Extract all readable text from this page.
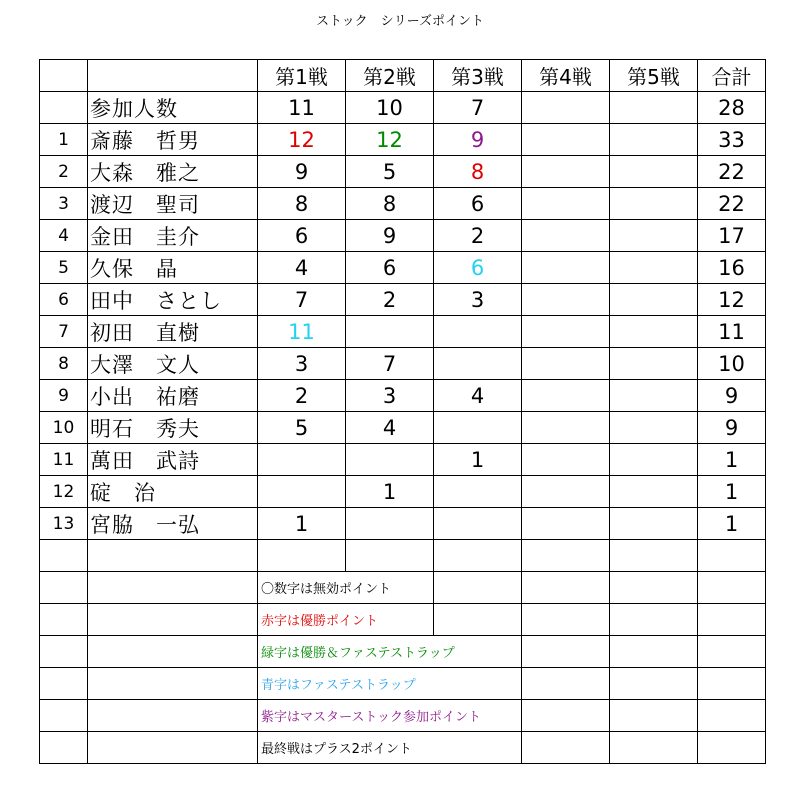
ストック　シリーズポイント
		第1戦	第2戦	第3戦	第4戦	第5戦	合計
	参加人数	11	10	7			28
1	斎藤　哲男	12	12	9			33
2	大森　雅之	9	5	8			22
3	渡辺　聖司	8	8	6			22
4	金田　圭介	6	9	2			17
5	久保　晶	4	6	6			16
6	田中　さとし	7	2	3			12
7	初田　直樹	11					11
8	大澤　文人	3	7				10
9	小出　祐磨	2	3	4			9
10	明石　秀夫	5	4				9
11	萬田　武詩			1			1
12	碇　治		1				1
13	宮脇　一弘	1					1

		〇数字は無効ポイント					
		赤字は優勝ポイント					
		緑字は優勝＆ファステストラップ					
		青字はファステストラップ					
		紫字はマスターストック参加ポイント					
		最終戦はプラス2ポイント					
